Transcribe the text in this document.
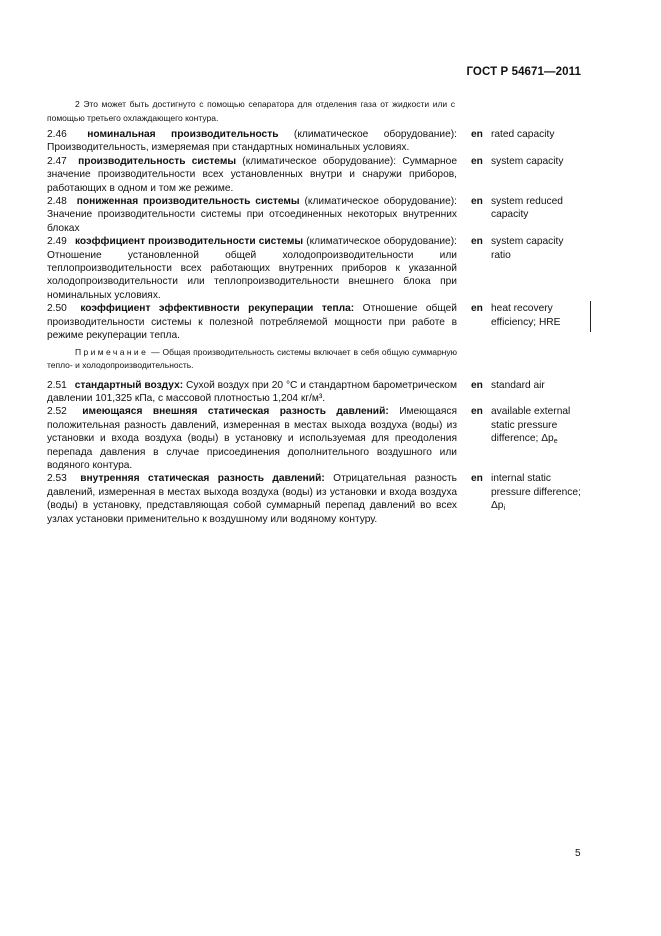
ГОСТ Р 54671—2011
2 Это может быть достигнуто с помощью сепаратора для отделения газа от жидкости или с помощью третьего охлаждающего контура.
2.46 номинальная производительность (климатическое оборудование): Производительность, измеряемая при стандартных номинальных условиях.
en rated capacity
2.47 производительность системы (климатическое оборудование): Суммарное значение производительности всех установленных внутри и снаружи приборов, работающих в одном и том же режиме.
en system capacity
2.48 пониженная производительность системы (климатическое оборудование): Значение производительности системы при отсоединенных некоторых внутренних блоках
en system reduced capacity
2.49 коэффициент производительности системы (климатическое оборудование): Отношение установленной общей холодопроизводительности или теплопроизводительности всех работающих внутренних приборов к указанной холодопроизводительности или теплопроизводительности внешнего блока при номинальных условиях.
en system capacity ratio
2.50 коэффициент эффективности рекуперации тепла: Отношение общей производительности системы к полезной потребляемой мощности при работе в режиме рекуперации тепла.
en heat recovery efficiency; HRE
Примечание — Общая производительность системы включает в себя общую суммарную тепло- и холодопроизводительность.
2.51 стандартный воздух: Сухой воздух при 20 °С и стандартном барометрическом давлении 101,325 кПа, с массовой плотностью 1,204 кг/м³.
en standard air
2.52 имеющаяся внешняя статическая разность давлений: Имеющаяся положительная разность давлений, измеренная в местах выхода воздуха (воды) из установки и входа воздуха (воды) в установку и используемая для преодоления перепада давления в случае присоединения дополнительного воздушного или водяного контура.
en available external static pressure difference; $\Delta p_e$
2.53 внутренняя статическая разность давлений: Отрицательная разность давлений, измеренная в местах выхода воздуха (воды) из установки и входа воздуха (воды) в установку, представляющая собой суммарный перепад давлений во всех узлах установки применительно к воздушному или водяному контуру.
en internal static pressure difference; $\Delta p_i$
5
